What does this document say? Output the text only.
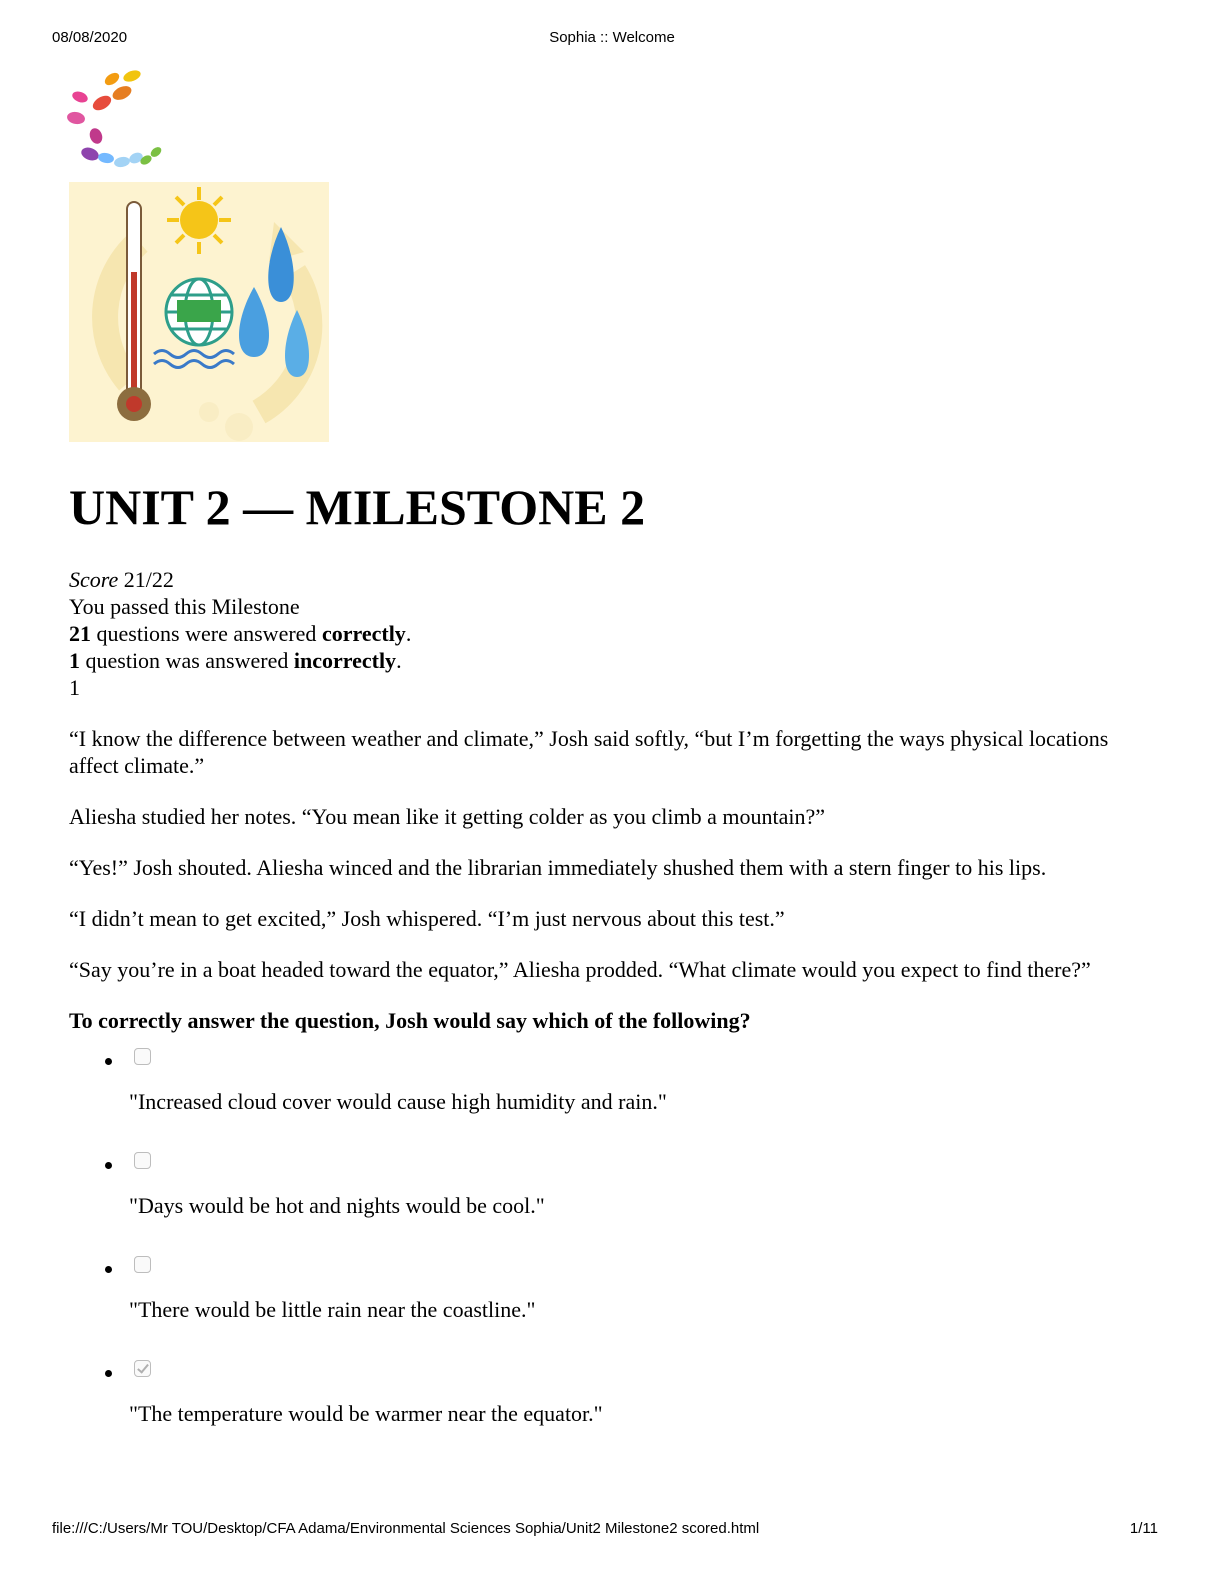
08/08/2020	Sophia :: Welcome
UNIT 2 — MILESTONE 2
Score 21/22
You passed this Milestone
21 questions were answered correctly.
1 question was answered incorrectly.
1

“I know the difference between weather and climate,” Josh said softly, “but I’m forgetting the ways physical locations affect climate.”

Aliesha studied her notes. “You mean like it getting colder as you climb a mountain?”

“Yes!” Josh shouted. Aliesha winced and the librarian immediately shushed them with a stern finger to his lips.

“I didn’t mean to get excited,” Josh whispered. “I’m just nervous about this test.”

“Say you’re in a boat headed toward the equator,” Aliesha prodded. “What climate would you expect to find there?”

To correctly answer the question, Josh would say which of the following?

"Increased cloud cover would cause high humidity and rain."
"Days would be hot and nights would be cool."
"There would be little rain near the coastline."
"The temperature would be warmer near the equator."
file:///C:/Users/Mr TOU/Desktop/CFA Adama/Environmental Sciences Sophia/Unit2 Milestone2 scored.html	1/11
